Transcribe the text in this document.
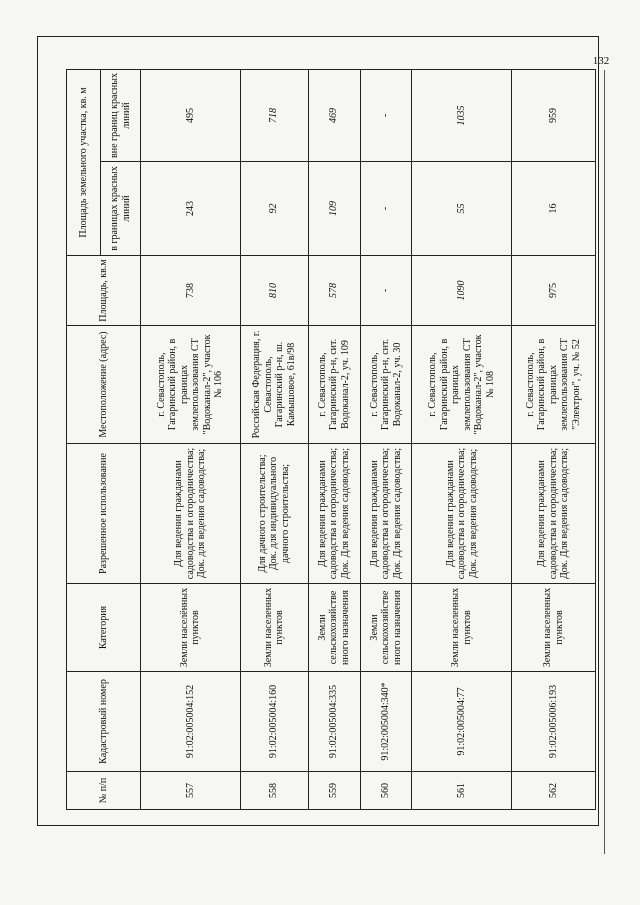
132
№ п/п	Кадастровый номер	Категория	Разрешенное использование	Местоположение (адрес)	Площадь, кв.м	Площадь земельного участка, кв. м	
						в границах красных линий	вне границ красных линий
557	91:02:005004:152	Земли населённых пунктов	Для ведения гражданами садоводства и огородничества; Док. для ведения садоводства;	г. Севастополь, Гагаринский район, в границах землепользования СТ "Водоканал-2", участок № 106	738	243	495
558	91:02:005004:160	Земли населенных пунктов	Для дачного строительства; Док. для индивидуального дачного строительства;	Российская Федерация, г. Севастополь, Гагаринский р-н, ш. Камышовое, 61в/98	810	92	718
559	91:02:005004:335	Земли сельскохозяйстве нного назначения	Для ведения гражданами садоводства и огородничества; Док. Для ведения садоводства;	г. Севастополь, Гагаринский р-н, сит. Водоканал-2, уч. 109	578	109	469
560	91:02:005004:340*	Земли сельскохозяйстве нного назначения	Для ведения гражданами садоводства и огородничества; Док. Для ведения садоводства;	г. Севастополь, Гагаринский р-н, снт. Водоканал-2, уч. 30	-	-	-
561	91:02:005004:77	Земли населенных пунктов	Для ведения гражданами садоводства и огородничества; Док. для ведения садоводства;	г. Севастополь, Гагаринский район, в границах землепользования СТ "Водоканал-2", участок № 108	1090	55	1035
562	91:02:005006:193	Земли населенных пунктов	Для ведения гражданами садоводства и огородничества; Док. Для ведения садоводства;	г. Севастополь, Гагаринский район, в границах землепользования СТ "Электрон", уч. № 52	975	16	959
